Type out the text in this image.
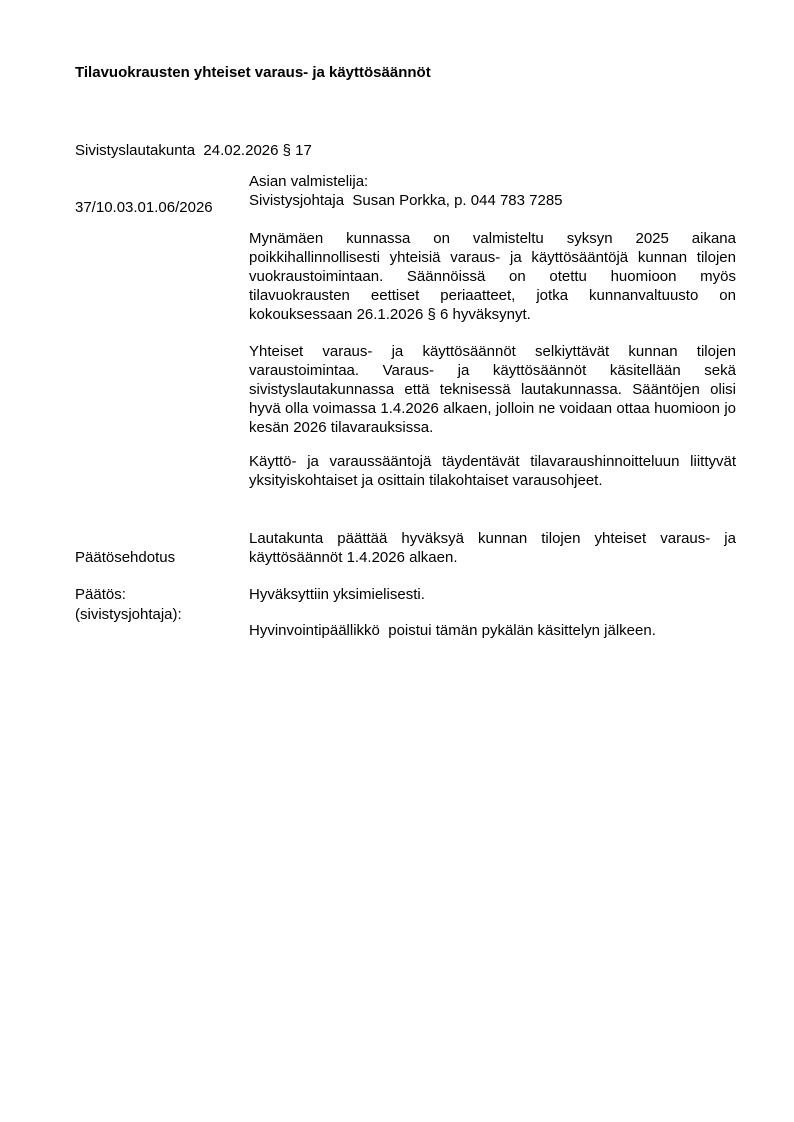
Tilavuokrausten yhteiset varaus- ja käyttösäännöt

Sivistyslautakunta  24.02.2026 § 17

37/10.03.01.06/2026

Asian valmistelija:
Sivistysjohtaja  Susan Porkka, p. 044 783 7285

Mynämäen kunnassa on valmisteltu syksyn 2025 aikana poikkihallinnollisesti yhteisiä varaus- ja käyttösääntöjä kunnan tilojen vuokraustoimintaan. Säännöissä on otettu huomioon myös tilavuokrausten eettiset periaatteet, jotka kunnanvaltuusto on kokouksessaan 26.1.2026 § 6 hyväksynyt.

Yhteiset varaus- ja käyttösäännöt selkiyttävät kunnan tilojen varaustoimintaa. Varaus- ja käyttösäännöt käsitellään sekä sivistyslautakunnassa että teknisessä lautakunnassa. Sääntöjen olisi hyvä olla voimassa 1.4.2026 alkaen, jolloin ne voidaan ottaa huomioon jo kesän 2026 tilavarauksissa.

Käyttö- ja varaussääntojä täydentävät tilavaraushinnoitteluun liittyvät yksityiskohtaiset ja osittain tilakohtaiset varausohjeet.

Päätösehdotus

(sivistysjohtaja):

Lautakunta päättää hyväksyä kunnan tilojen yhteiset varaus- ja käyttösäännöt 1.4.2026 alkaen.

Päätös:	Hyväksyttiin yksimielisesti.

Hyvinvointipäällikkö  poistui tämän pykälän käsittelyn jälkeen.
